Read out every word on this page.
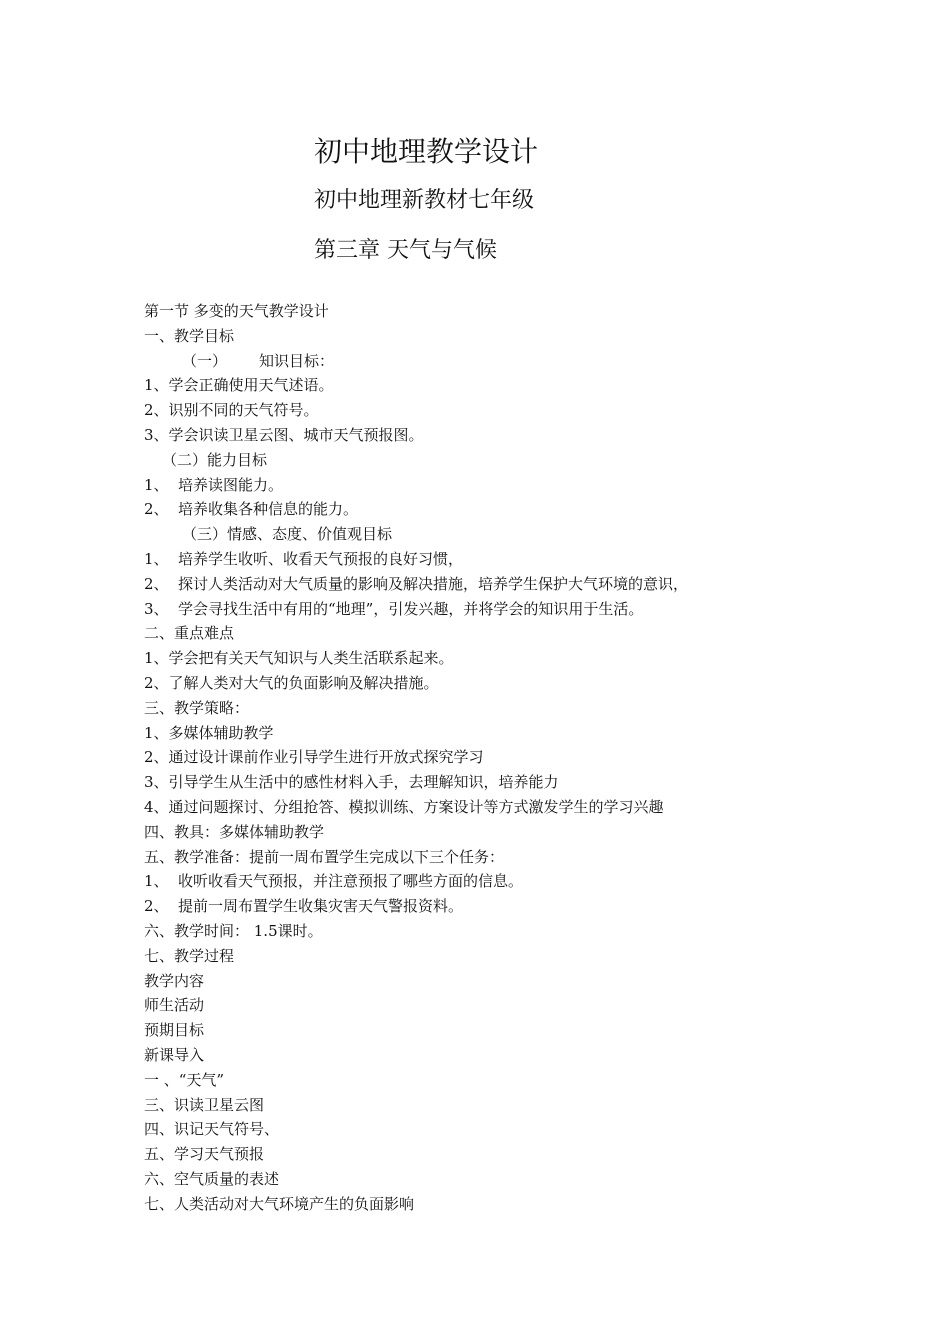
初中地理教学设计
初中地理新教材七年级
第三章 天气与气候
第一节 多变的天气教学设计
一、教学目标
（一） 知识目标：
1、学会正确使用天气述语。
2、识别不同的天气符号。
3、学会识读卫星云图、城市天气预报图。
（二）能力目标
1、 培养读图能力。
2、 培养收集各种信息的能力。
（三）情感、态度、价值观目标
1、 培养学生收听、收看天气预报的良好习惯，
2、 探讨人类活动对大气质量的影响及解决措施，培养学生保护大气环境的意识，
3、 学会寻找生活中有用的“地理”，引发兴趣，并将学会的知识用于生活。
二、重点难点
1、学会把有关天气知识与人类生活联系起来。
2、了解人类对大气的负面影响及解决措施。
三、教学策略：
1、多媒体辅助教学
2、通过设计课前作业引导学生进行开放式探究学习
3、引导学生从生活中的感性材料入手，去理解知识，培养能力
4、通过问题探讨、分组抢答、模拟训练、方案设计等方式激发学生的学习兴趣
四、教具：多媒体辅助教学
五、教学准备：提前一周布置学生完成以下三个任务：
1、 收听收看天气预报，并注意预报了哪些方面的信息。
2、 提前一周布置学生收集灾害天气警报资料。
六、教学时间： 1.5课时。
七、教学过程
教学内容
师生活动
预期目标
新课导入
一 、“天气”
三、识读卫星云图
四、识记天气符号、
五、学习天气预报
六、空气质量的表述
七、人类活动对大气环境产生的负面影响
